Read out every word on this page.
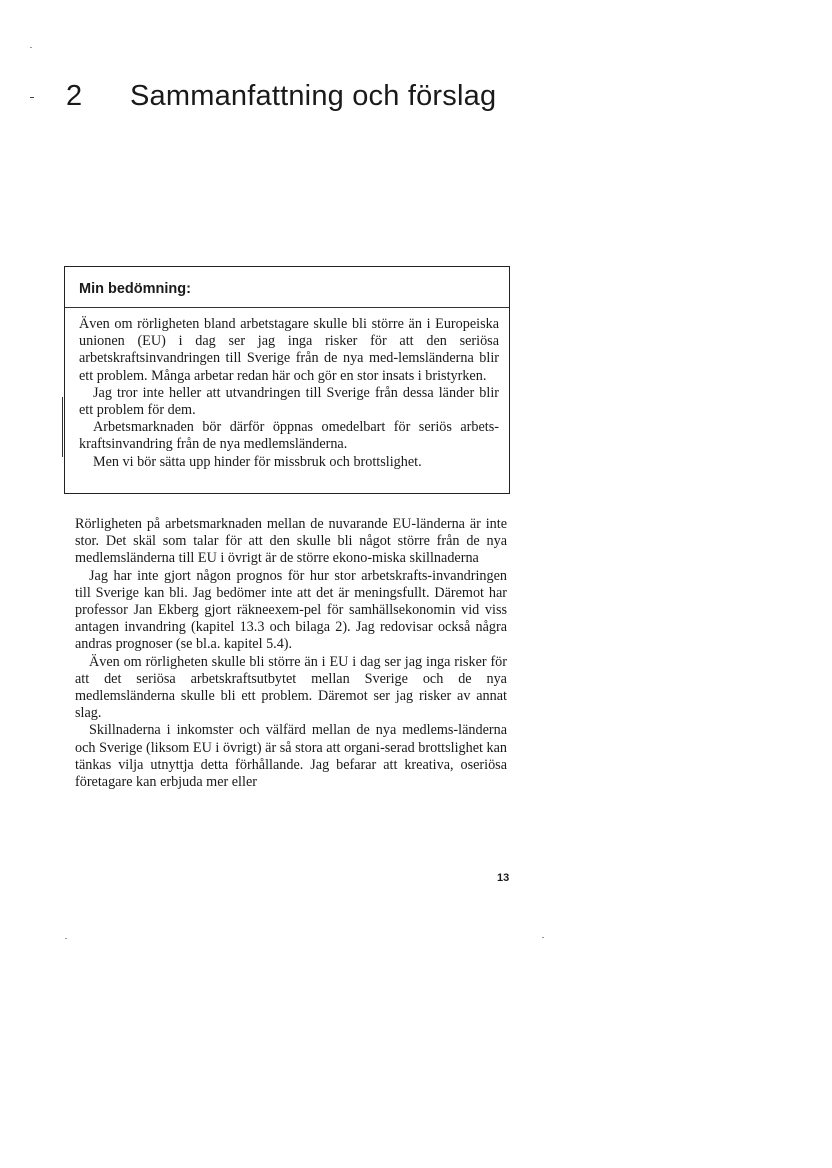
2 Sammanfattning och förslag
Min bedömning:

Även om rörligheten bland arbetstagare skulle bli större än i Europeiska unionen (EU) i dag ser jag inga risker för att den seriösa arbetskraftsinvandringen till Sverige från de nya med-lemsländerna blir ett problem. Många arbetar redan här och gör en stor insats i bristyrken.

Jag tror inte heller att utvandringen till Sverige från dessa länder blir ett problem för dem.

Arbetsmarknaden bör därför öppnas omedelbart för seriös arbets-kraftsinvandring från de nya medlemsländerna.

Men vi bör sätta upp hinder för missbruk och brottslighet.

Rörligheten på arbetsmarknaden mellan de nuvarande EU-länderna är inte stor. Det skäl som talar för att den skulle bli något större från de nya medlemsländerna till EU i övrigt är de större ekono-miska skillnaderna

Jag har inte gjort någon prognos för hur stor arbetskrafts-invandringen till Sverige kan bli. Jag bedömer inte att det är meningsfullt. Däremot har professor Jan Ekberg gjort räkneexem-pel för samhällsekonomin vid viss antagen invandring (kapitel 13.3 och bilaga 2). Jag redovisar också några andras prognoser (se bl.a. kapitel 5.4).

Även om rörligheten skulle bli större än i EU i dag ser jag inga risker för att det seriösa arbetskraftsutbytet mellan Sverige och de nya medlemsländerna skulle bli ett problem. Däremot ser jag risker av annat slag.

Skillnaderna i inkomster och välfärd mellan de nya medlems-länderna och Sverige (liksom EU i övrigt) är så stora att organi-serad brottslighet kan tänkas vilja utnyttja detta förhållande. Jag befarar att kreativa, oseriösa företagare kan erbjuda mer eller

13
